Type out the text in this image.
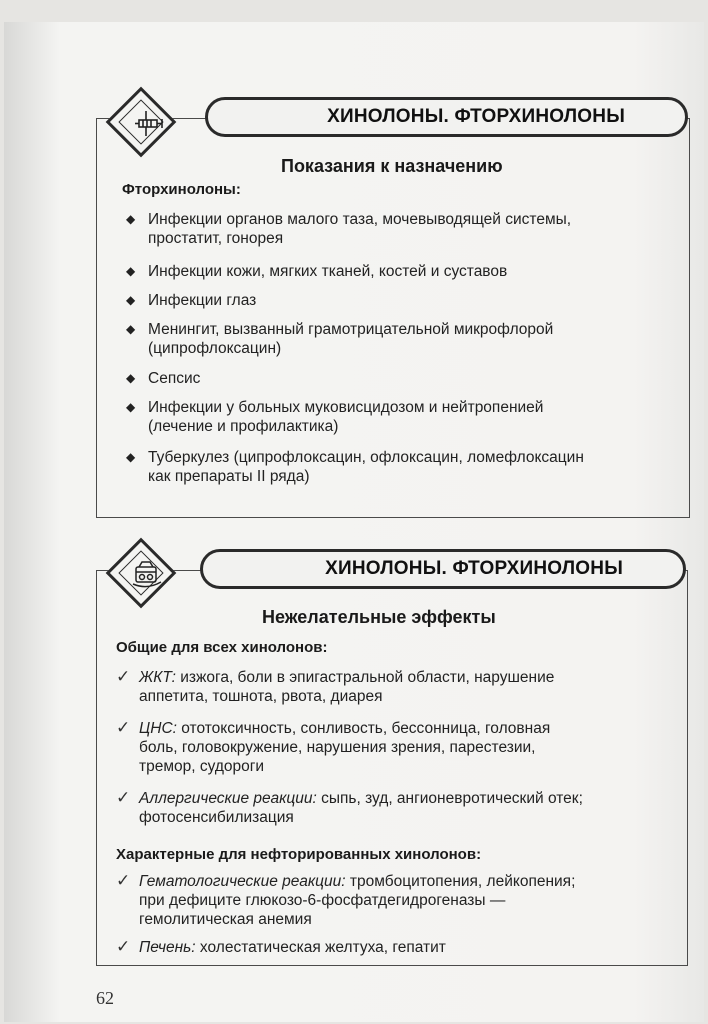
ХИНОЛОНЫ. ФТОРХИНОЛОНЫ
Показания к назначению
Фторхинолоны:
◆ Инфекции органов малого таза, мочевыводящей системы,
простатит, гонорея
◆ Инфекции кожи, мягких тканей, костей и суставов
◆ Инфекции глаз
◆ Менингит, вызванный грамотрицательной микрофлорой
(ципрофлоксацин)
◆ Сепсис
◆ Инфекции у больных муковисцидозом и нейтропенией
(лечение и профилактика)
◆ Туберкулез (ципрофлоксацин, офлоксацин, ломефлоксацин
как препараты II ряда)
ХИНОЛОНЫ. ФТОРХИНОЛОНЫ
Нежелательные эффекты
Общие для всех хинолонов:
✓ ЖКТ: изжога, боли в эпигастральной области, нарушение
аппетита, тошнота, рвота, диарея
✓ ЦНС: ототоксичность, сонливость, бессонница, головная
боль, головокружение, нарушения зрения, парестезии,
тремор, судороги
✓ Аллергические реакции: сыпь, зуд, ангионевротический отек;
фотосенсибилизация
Характерные для нефторированных хинолонов:
✓ Гематологические реакции: тромбоцитопения, лейкопения;
при дефиците глюкозо-6-фосфатдегидрогеназы —
гемолитическая анемия
✓ Печень: холестатическая желтуха, гепатит
62
